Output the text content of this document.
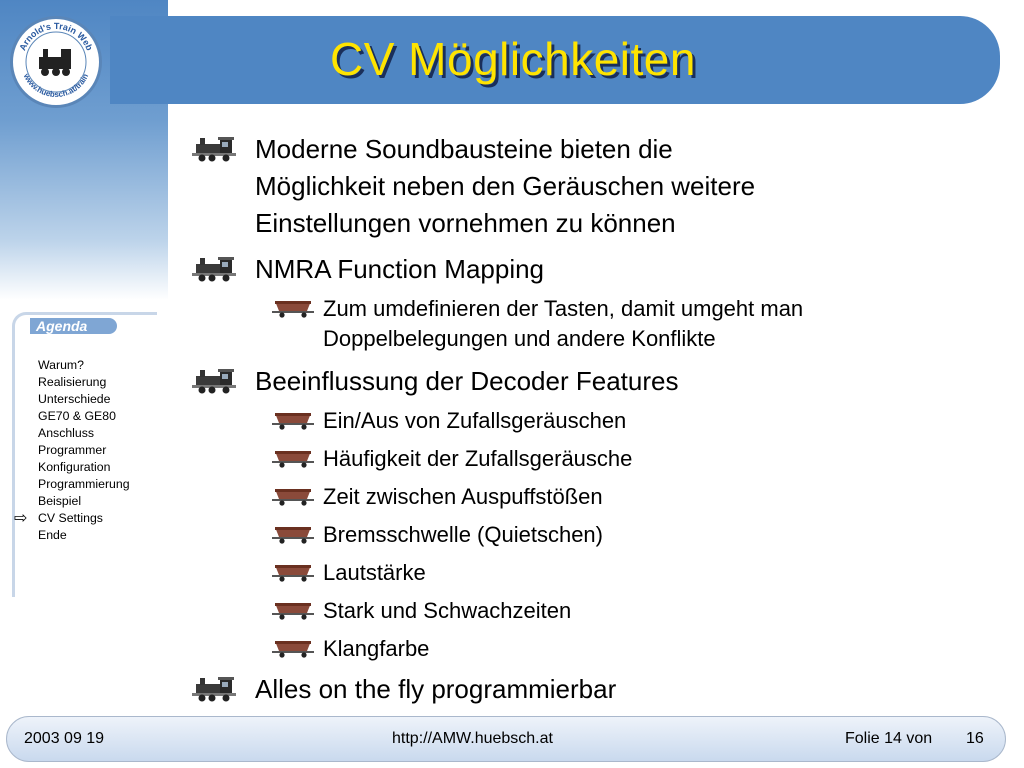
Arnold's Train Web
www.huebsch.at/train	CV Möglichkeiten
Agenda
⇨
Warum?
Realisierung
Unterschiede
GE70 & GE80
Anschluss
Programmer
Konfiguration
Programmierung
Beispiel
CV Settings
Ende
Moderne Soundbausteine bieten die
Möglichkeit neben den Geräuschen weitere
Einstellungen vornehmen zu können
NMRA Function Mapping
Zum umdefinieren der Tasten, damit umgeht man
Doppelbelegungen und andere Konflikte
Beeinflussung der Decoder Features
Ein/Aus von Zufallsgeräuschen
Häufigkeit der Zufallsgeräusche
Zeit zwischen Auspuffstößen
Bremsschwelle (Quietschen)
Lautstärke
Stark und Schwachzeiten
Klangfarbe
Alles on the fly programmierbar
2003 09 19	http://AMW.huebsch.at	Folie 14 von 16
